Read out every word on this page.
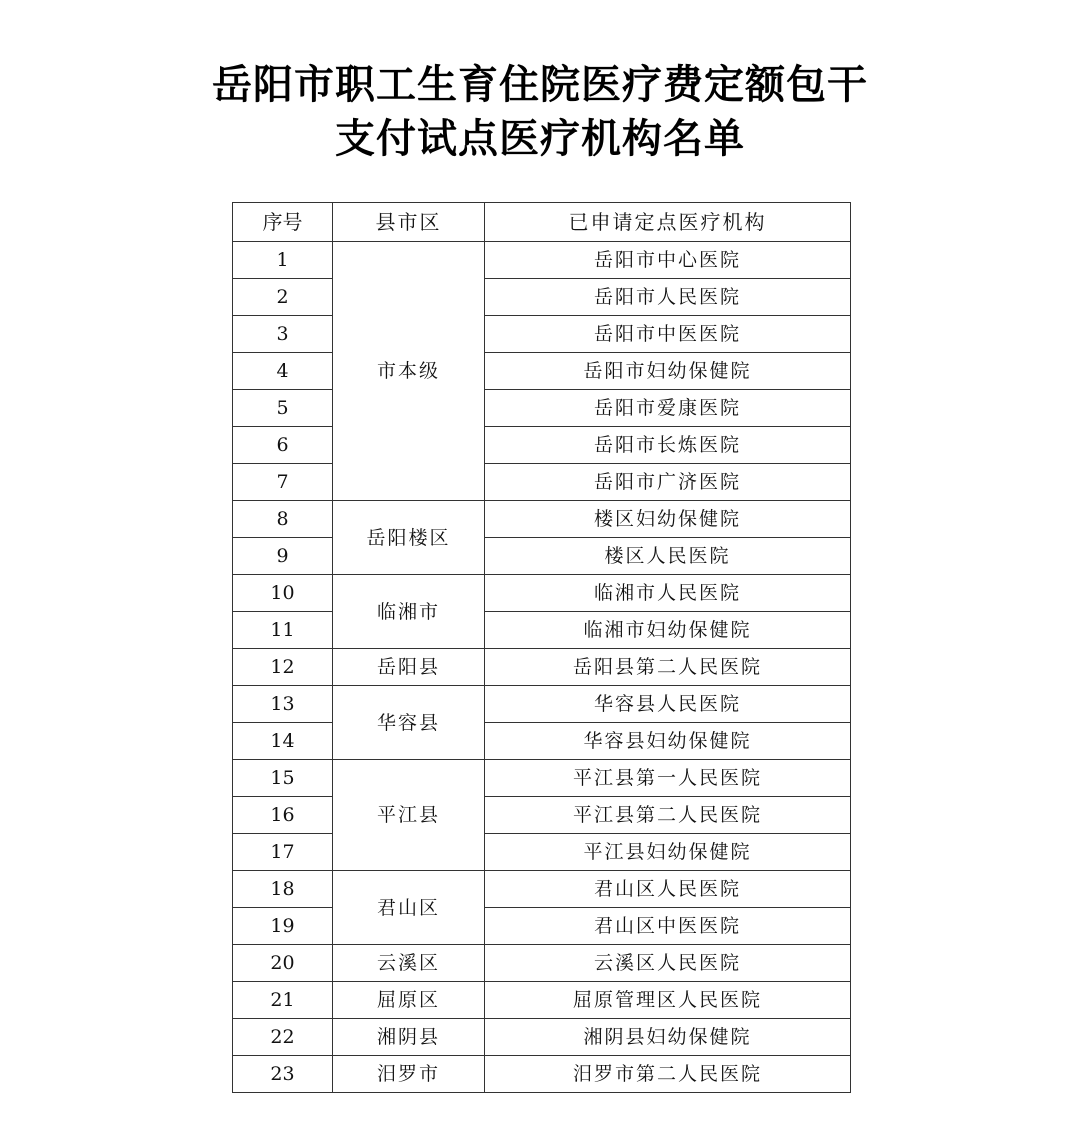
岳阳市职工生育住院医疗费定额包干
支付试点医疗机构名单
序号	县市区	已申请定点医疗机构
1	市本级	岳阳市中心医院
2		岳阳市人民医院
3		岳阳市中医医院
4		岳阳市妇幼保健院
5		岳阳市爱康医院
6		岳阳市长炼医院
7		岳阳市广济医院
8	岳阳楼区	楼区妇幼保健院
9		楼区人民医院
10	临湘市	临湘市人民医院
11		临湘市妇幼保健院
12	岳阳县	岳阳县第二人民医院
13	华容县	华容县人民医院
14		华容县妇幼保健院
15	平江县	平江县第一人民医院
16		平江县第二人民医院
17		平江县妇幼保健院
18	君山区	君山区人民医院
19		君山区中医医院
20	云溪区	云溪区人民医院
21	屈原区	屈原管理区人民医院
22	湘阴县	湘阴县妇幼保健院
23	汨罗市	汨罗市第二人民医院
